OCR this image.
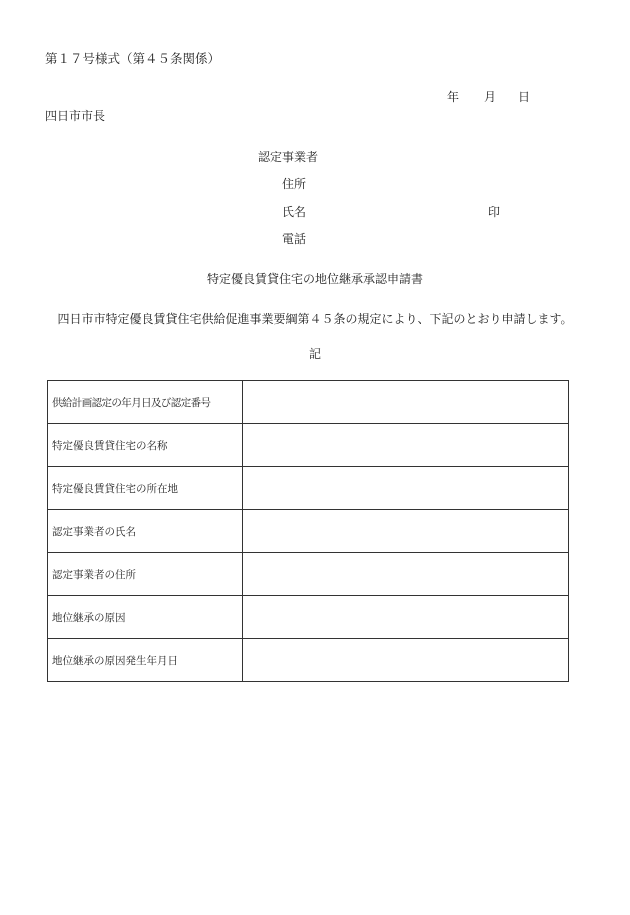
第１７号様式（第４５条関係）
年 月 日
四日市市長
認定事業者
住所
氏名	印
電話
特定優良賃貸住宅の地位継承承認申請書
四日市市特定優良賃貸住宅供給促進事業要綱第４５条の規定により、下記のとおり申請します。
記
供給計画認定の年月日及び認定番号	
特定優良賃貸住宅の名称	
特定優良賃貸住宅の所在地	
認定事業者の氏名	
認定事業者の住所	
地位継承の原因	
地位継承の原因発生年月日	
